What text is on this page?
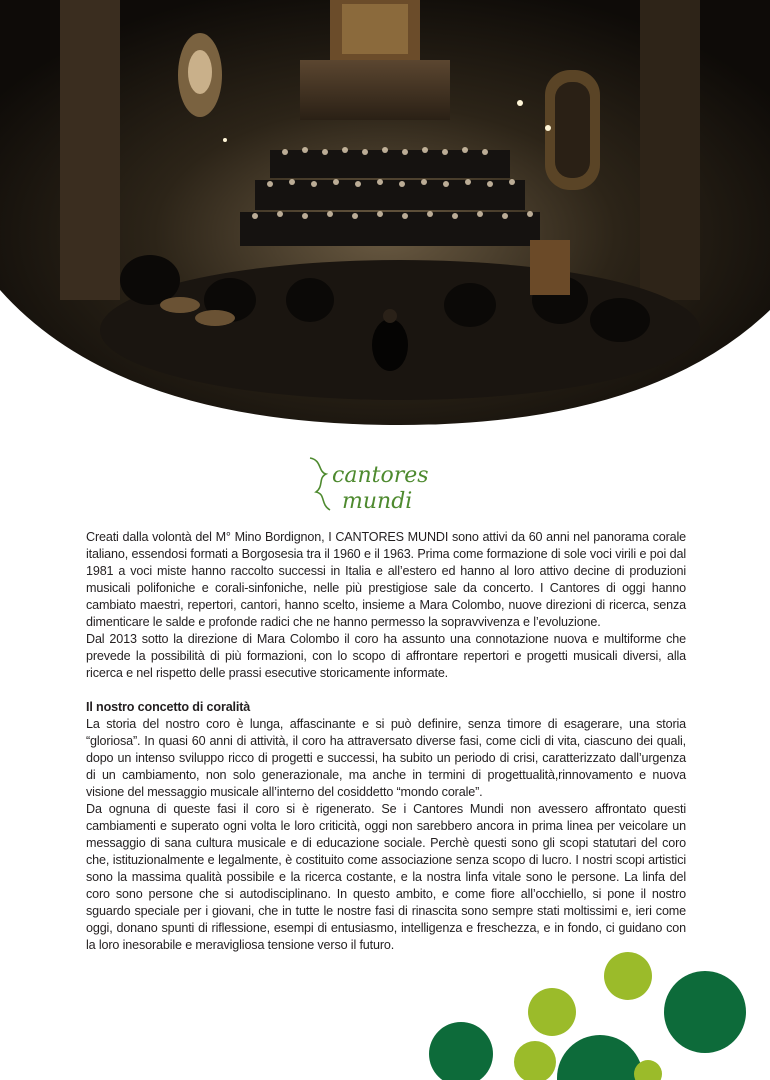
cantores
mundi

Creati dalla volontà del M° Mino Bordignon, I CANTORES MUNDI sono attivi da 60 anni nel panorama corale italiano, essendosi formati a Borgosesia tra il 1960 e il 1963. Prima come formazione di sole voci virili e poi dal 1981 a voci miste hanno raccolto successi in Italia e all’estero ed hanno al loro attivo decine di produzioni musicali polifoniche e corali-sinfoniche, nelle più prestigiose sale da concerto. I Cantores di oggi hanno cambiato maestri, repertori, cantori, hanno scelto, insieme a Mara Colombo, nuove direzioni di ricerca, senza dimenticare le salde e profonde radici che ne hanno permesso la sopravvivenza e l’evoluzione.

Dal 2013 sotto la direzione di Mara Colombo il coro ha assunto una connotazione nuova e multiforme che prevede la possibilità di più formazioni, con lo scopo di affrontare repertori e progetti musicali diversi, alla ricerca e nel rispetto delle prassi esecutive storicamente informate.

Il nostro concetto di coralità

La storia del nostro coro è lunga, affascinante e si può definire, senza timore di esagerare, una storia “gloriosa”. In quasi 60 anni di attività, il coro ha attraversato diverse fasi, come cicli di vita, ciascuno dei quali, dopo un intenso sviluppo ricco di progetti e successi, ha subito un periodo di crisi, caratterizzato dall’urgenza di un cambiamento, non solo generazionale, ma anche in termini di progettualità,rinnovamento e nuova visione del messaggio musicale all’interno del cosiddetto “mondo corale”.

Da ognuna di queste fasi il coro si è rigenerato. Se i Cantores Mundi non avessero affrontato questi cambiamenti e superato ogni volta le loro criticità, oggi non sarebbero ancora in prima linea per veicolare un messaggio di sana cultura musicale e di educazione sociale. Perchè questi sono gli scopi statutari del coro che, istituzionalmente e legalmente, è costituito come associazione senza scopo di lucro. I nostri scopi artistici sono la massima qualità possibile e la ricerca costante, e la nostra linfa vitale sono le persone. La linfa del coro sono persone che si autodisciplinano. In questo ambito, e come fiore all’occhiello, si pone il nostro sguardo speciale per i giovani, che in tutte le nostre fasi di rinascita sono sempre stati moltissimi e, ieri come oggi, donano spunti di riflessione, esempi di entusiasmo, intelligenza e freschezza, e in fondo, ci guidano con la loro inesorabile e meravigliosa tensione verso il futuro.
